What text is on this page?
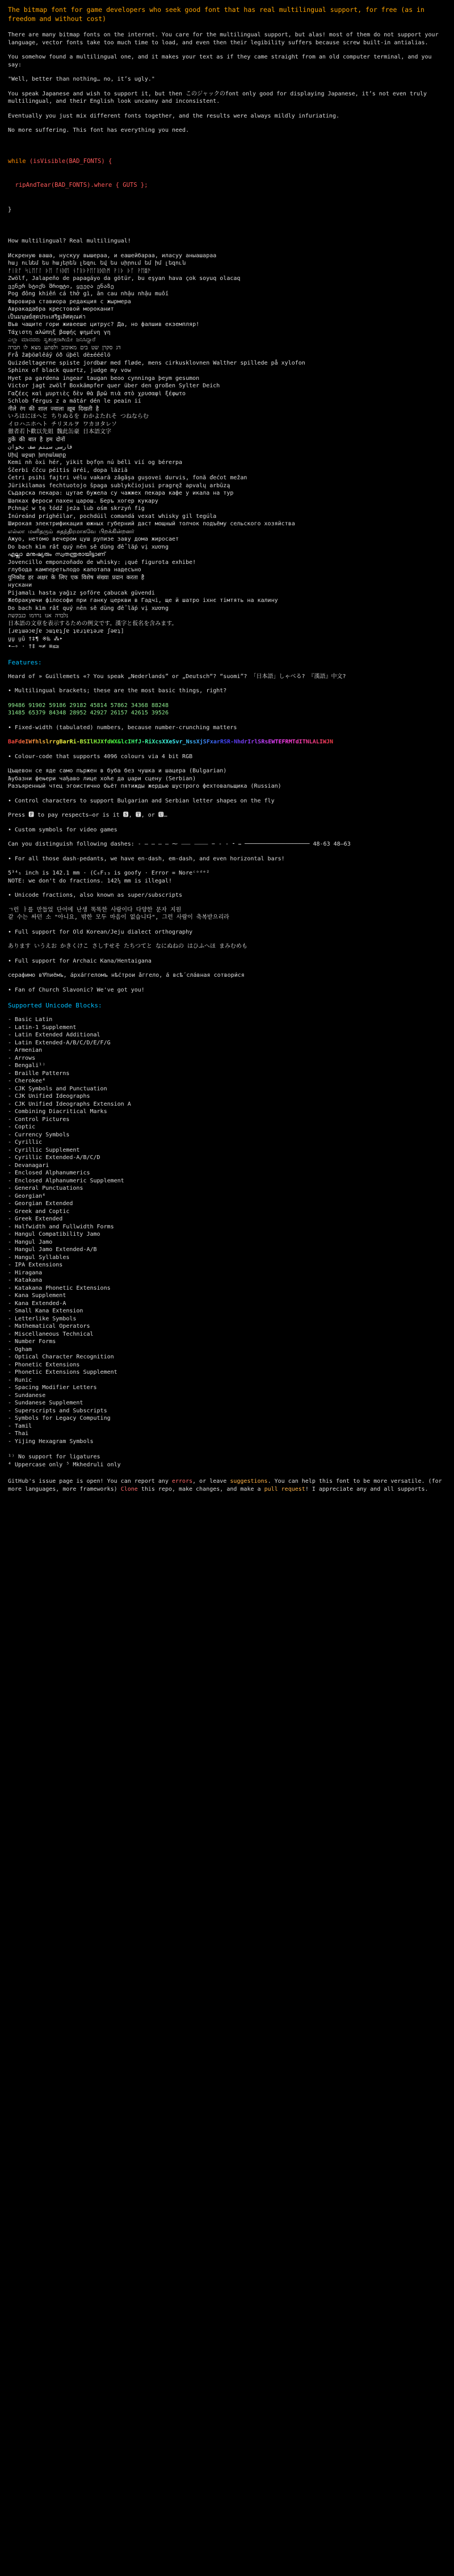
The bitmap font for game developers who seek good font that has real multilingual support, for free (as in freedom and without cost)

There are many bitmap fonts on the internet. You care for the multilingual support, but alas! most of them do not support your language, vector fonts take too much time to load, and even then their legibility suffers because screw built-in antialias.

You somehow found a multilingual one, and it makes your text as if they came straight from an old computer terminal, and you say:

"Well, better than nothing… no, it’s ugly."

You speak Japanese and wish to support it, but then このジャックのfont only good for displaying Japanese, it’s not even truly multilingual, and their English look uncanny and inconsistent.

Eventually you just mix different fonts together, and the results were always mildly infuriating.

No more suffering. This font has everything you need.

while (isVisible(BAD_FONTS) {

ripAndTear(BAD_FONTS).where { GUTS };

}

How multilingual? Real multilingual!

Искреную ваша, нускуу вышераа, и еашейбараа, иласуу аныашараа
հայ ունեմ ես հայերեն լեզու եվ ես սիրում եմ իմ լեզուն
ᚠᛁᚱᚩ ᛋᚳᛖᚪᛚ ᚦᛖ ᚪᚾᛞᛖ ᚾᚩᚱᚦᚹᛖᚪᚱᛞᚢᛗ ᚹᛁᚦ ᚦᚪ ᚹᛖᛥᚫ
Zwölf, Jalapeño de papagáyo da götür, bu eşyan hava çok soyuq olacaq
ვენერ სტიქს შრიფტი, ყველა ენაზე
Pog đông khiến cá thở gì, ăn cau nhậu nhậu muối
Фаровира ставиора редакция с жырмера
Авракадабра крестовой мороканит
เป็นมนุษย์สุดประเสริฐเลิศคุณค่า
Във чащите гори живееше цитрус? Да, но фалшив екземпляр!
Τάχιστη αλώπηξ βαφής ψημένη γη
ಎಲ್ಲಾ ಮಾನವರು ಸ್ವತಂತ್ರರಾಗಿಯೇ ಜನಿಸಿದ್ದಾರೆ
דג סקרן שט בים מאוכזב ולפתע מצא לו חברה
Frå žæþöølêáý óð úþél dë±ééélö
Quizdeltagerne spiste jordbær med fløde, mens cirkusklovnen Walther spillede på xylofon
Sphinx of black quartz, judge my vow
Hyet pa gardena ingear taugan beoo cynninga þeym gesumon
Victor jagt zwölf Boxkämpfer quer über den großen Sylter Deich
Γαζέες καὶ μυρτιὲς δὲν θὰ βρῶ πιὰ στὸ χρυσαφὶ ξέφωτο
Schlob férgus z a mátár dén le peain ií
नीले रंग की शाल ज्वाला ख़ूब दिखती है
いろはにほへと ちりぬるを わかよたれそ つねならむ
イロハニホヘト チリヌルヲ ワカヨタレソ
徹者若卜歡以先姐 魏此缶豪 日本語文字
ठुकें की बात है हम दोनों
فارسی سینم صف بخوان
Սիվ աջար խորանարք
Kemi nǹ òxi hér, yikit bọfọn nú bé̀lì vií og bérerpa
Ščerbi ččcu péitis äréi, dopa läziä
Četri psihi fajtri vélu vakară zâgășa gușovei durvis, fonă ďećot mežan
Jürikilamas fechtuotojo špaga sublykčiojusi pragręž apvalų arbūzą
Съдарска пекара: цутае бужела су чажжех пекара кафе у икала на тур
Шапках фероси пахен царош. Беръ хогер кукару
Pchnąć w tę łódź jeża lub ośm skrzyń fig
Ínúreánd príghéilar, pochdúil comandá vexat whisky gil tegúla
Широкая электрификация южных губерний даст мощный толчок подъёму сельского хозяйства
எல்லா மனிதரும் சுதந்திரமாகவே பிறக்கின்றனர்
Ажуо, нетомо вечером цуш рупизе заву дома жиросает
Do bach kìm rất quý nên sẽ dùng để lắp vị xương
എല്ലാ മനുഷ്യരും സ്വതന്ത്രരായിട്ടാണ്
Jovencillo emponzoñado de whisky: ¡qué figurota exhibe!
глубода камперетьлодо капотапа надесъно
युनिकोड हर अक्षर के लिए एक विशेष संख्या प्रदान करता है
нускани
Pijamalı hasta yağız şoföre çabucak güvendi
Жебракуючи філософи при ганку церкви в Гадчі, ще й шатро іхнє тімтять на калину
Do bach kìm rất quý nên sẽ dùng để lắp vị xương
נלבדה אנו נרדמו כנבקשת
日本語の文章を表示するための例文です。漢字と仮名を含みます。
[ɹɐʇɯǝɔɐʃɐ ɔɯʇɐʇʃɐ ʇɐɹʇɐʇǝɹɐ ʃəɐʇ]
ṵṷ ṳṹ †‡¶ ※‰ ⁂‣
∙–∘ · †‡ ≈≠ ≡≤≥
Features:

Heard of » Guillemets «? You speak „Nederlands” or „Deutsch“? “suomi”? 「日本語」しゃべる? 『漢語』中文?

• Multilingual brackets; these are the most basic things, right?

99486 91902 59186 29182 45814 57862 34368 88248

31485 65379 84348 28952 42927 26157 42615 39526

• Fixed-width (tabulated) numbers, because number-crunching matters

BaFdeIWfhlslrrgBarRi-BSIlHJXfdWX&lcIHfJ-RiXcsXXeSvr_NssXjSFxarRSR-NhdrIrlSRsEWTEFRMTdITNLALIWJN

• Colour-code that supports 4096 colours via 4 bit RGB

Цъщевон се яде само пържен в буба без чушка и шацера (Bulgarian)
Љубазни фењери чађаво лице хоће да џари сцену (Serbian)

Разъяренный чтец эгоистично бьёт пятижды жердью шустрого фехтовальщика (Russian)

• Control characters to support Bulgarian and Serbian letter shapes on the fly

Press 🅵 to pay respects—or is it 🆂, 🆃, or 🆄…

• Custom symbols for video games

Can you distinguish following dashes: - – — ‒ ― ⁓ ⸺ ⸻ − ‐ ‑ ⁃ ⎯ ─────────────────── 48-63 48–63

• For all those dash-pedants, we have en-dash, em-dash, and even horizontal bars!

5³⁴₅ inch is 142.1 mm · (C₆F₁₃ is goofy · Error = Noreᶜᵒᵈᵉ²

NOTE: we don't do fractions. 142⅓ mm is illegal!

• Unicode fractions, also known as super/subscripts

ㄱ런 ㅏ를 만들었 단어에 난생 똑똑한 사람이다 다양한 문자 지원

같 수는 싸던 소 "아니요, 밖한 모두 마음이 없습니다", 그런 사람이 축복받으리라

• Full support for Old Korean/Jeju dialect orthography

あります いうえお かきくけこ さしすせそ たちつてと なにぬねの はひふへほ まみむめも

• Full support for Archaic Kana/Hentaigana

серафимо вѰ̆пиёмъ, а́рха́ггеломъ нѣ́строи ̀а́ггело, а́ всѣ́ сла́вная сотвори́ся

• Fan of Church Slavonic? We've got you!

Supported Unicode Blocks:
- Basic Latin
- Latin-1 Supplement
- Latin Extended Additional
- Latin Extended-A/B/C/D/E/F/G
- Armenian
- Arrows
- Bengali¹⁾
- Braille Patterns
- Cherokee⁴
- CJK Symbols and Punctuation
- CJK Unified Ideographs
- CJK Unified Ideographs Extension A
- Combining Diacritical Marks
- Control Pictures
- Coptic
- Currency Symbols
- Cyrillic
- Cyrillic Supplement
- Cyrillic Extended-A/B/C/D
- Devanagari
- Enclosed Alphanumerics
- Enclosed Alphanumeric Supplement
- General Punctuations
- Georgian⁴
- Georgian Extended
- Greek and Coptic
- Greek Extended
- Halfwidth and Fullwidth Forms
- Hangul Compatibility Jamo
- Hangul Jamo
- Hangul Jamo Extended-A/B
- Hangul Syllables
- IPA Extensions
- Hiragana
- Katakana
- Katakana Phonetic Extensions
- Kana Supplement
- Kana Extended-A
- Small Kana Extension
- Letterlike Symbols
- Mathematical Operators
- Miscellaneous Technical
- Number Forms
- Ogham
- Optical Character Recognition
- Phonetic Extensions
- Phonetic Extensions Supplement
- Runic
- Spacing Modifier Letters
- Sundanese
- Sundanese Supplement
- Superscripts and Subscripts
- Symbols for Legacy Computing
- Tamil
- Thai
- Yijing Hexagram Symbols
¹⁾ No support for ligatures
⁴ Uppercase only ⁵ Mkhedruli only

GitHub's issue page is open! You can report any errors, or leave suggestions. You can help this font to be more versatile. (for more languages, more frameworks) Clone this repo, make changes, and make a pull request! I appreciate any and all supports.
